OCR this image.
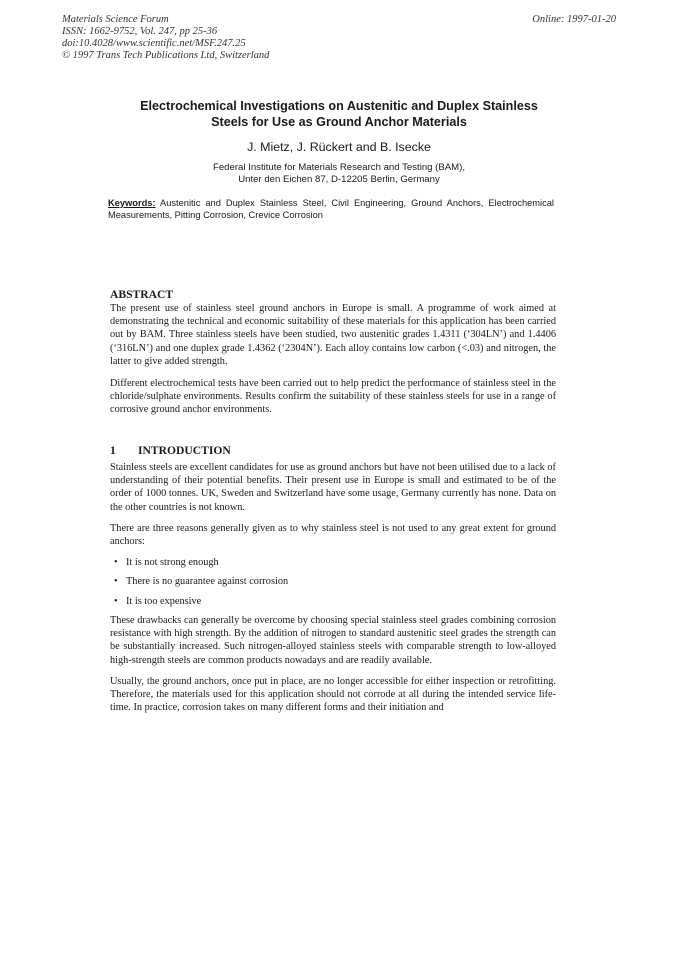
Materials Science Forum
ISSN: 1662-9752, Vol. 247, pp 25-36
doi:10.4028/www.scientific.net/MSF.247.25
© 1997 Trans Tech Publications Ltd, Switzerland
Online: 1997-01-20
Electrochemical Investigations on Austenitic and Duplex Stainless
Steels for Use as Ground Anchor Materials
J. Mietz, J. Rückert and B. Isecke
Federal Institute for Materials Research and Testing (BAM),
Unter den Eichen 87, D-12205 Berlin, Germany
Keywords: Austenitic and Duplex Stainless Steel, Civil Engineering, Ground Anchors, Electrochemical Measurements, Pitting Corrosion, Crevice Corrosion
ABSTRACT
The present use of stainless steel ground anchors in Europe is small. A programme of work aimed at demonstrating the technical and economic suitability of these materials for this application has been carried out by BAM. Three stainless steels have been studied, two austenitic grades 1.4311 (‘304LN’) and 1.4406 (‘316LN’) and one duplex grade 1.4362 (‘2304N’). Each alloy contains low carbon (<.03) and nitrogen, the latter to give added strength.
Different electrochemical tests have been carried out to help predict the performance of stainless steel in the chloride/sulphate environments. Results confirm the suitability of these stainless steels for use in a range of corrosive ground anchor environments.
1 INTRODUCTION
Stainless steels are excellent candidates for use as ground anchors but have not been utilised due to a lack of understanding of their potential benefits. Their present use in Europe is small and estimated to be of the order of 1000 tonnes. UK, Sweden and Switzerland have some usage, Germany currently has none. Data on the other countries is not known.
There are three reasons generally given as to why stainless steel is not used to any great extent for ground anchors:
• It is not strong enough
• There is no guarantee against corrosion
• It is too expensive
These drawbacks can generally be overcome by choosing special stainless steel grades combining corrosion resistance with high strength. By the addition of nitrogen to standard austenitic steel grades the strength can be substantially increased. Such nitrogen-alloyed stainless steels with comparable strength to low-alloyed high-strength steels are common products nowadays and are readily available.
Usually, the ground anchors, once put in place, are no longer accessible for either inspection or retrofitting. Therefore, the materials used for this application should not corrode at all during the intended service life-time. In practice, corrosion takes on many different forms and their initiation and
